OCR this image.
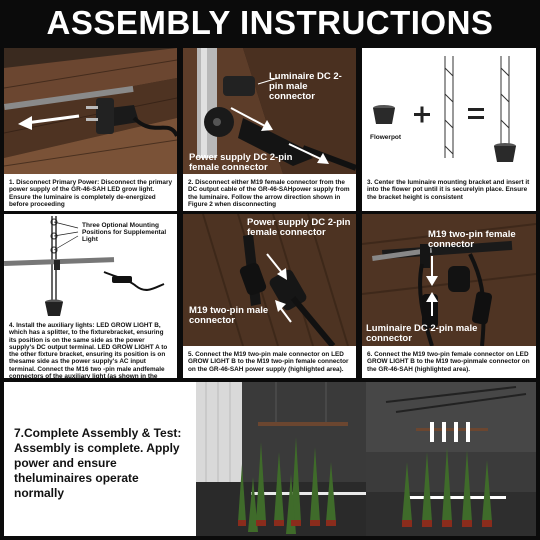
ASSEMBLY INSTRUCTIONS
1. Disconnect Primary Power: Disconnect the primary power supply of the GR-46-SAH LED grow light. Ensure the luminaire is completely de-energized before proceeding
Luminaire DC 2-pin male connector
Power supply DC 2-pin female connector
2. Disconnect either M19 female connector from the DC output cable of the GR-46-SAHpower supply from the luminaire. Follow the arrow direction shown in Figure 2 when disconnecting
Flowerpot
3. Center the luminaire mounting bracket and insert it into the flower pot until it is securelyin place. Ensure the bracket height is consistent
Three Optional Mounting Positions for Supplemental Light
4. Install the auxiliary lights: LED GROW LIGHT B, which has a splitter, to the fixturebracket, ensuring its position is on the same side as the power supply's DC output terminal. LED GROW LIGHT A to the other fixture bracket, ensuring its position is on thesame side as the power supply's AC input terminal. Connect the M16 two -pin male andfemale connectors of the auxiliary light (as shown in the
Power supply DC 2-pin female connector
M19 two-pin male connector
5. Connect the M19 two-pin male connector on LED GROW LIGHT B to the M19 two-pin female connector on the GR-46-SAH power supply (highlighted area).
M19 two-pin female connector
Luminaire DC 2-pin male connector
6. Connect the M19 two-pin female connector on LED GROW LIGHT B to the M19 two-pinmale connector on the GR-46-SAH (highlighted area).
7.Complete Assembly & Test: Assembly is complete. Apply power and ensure theluminaires operate normally
